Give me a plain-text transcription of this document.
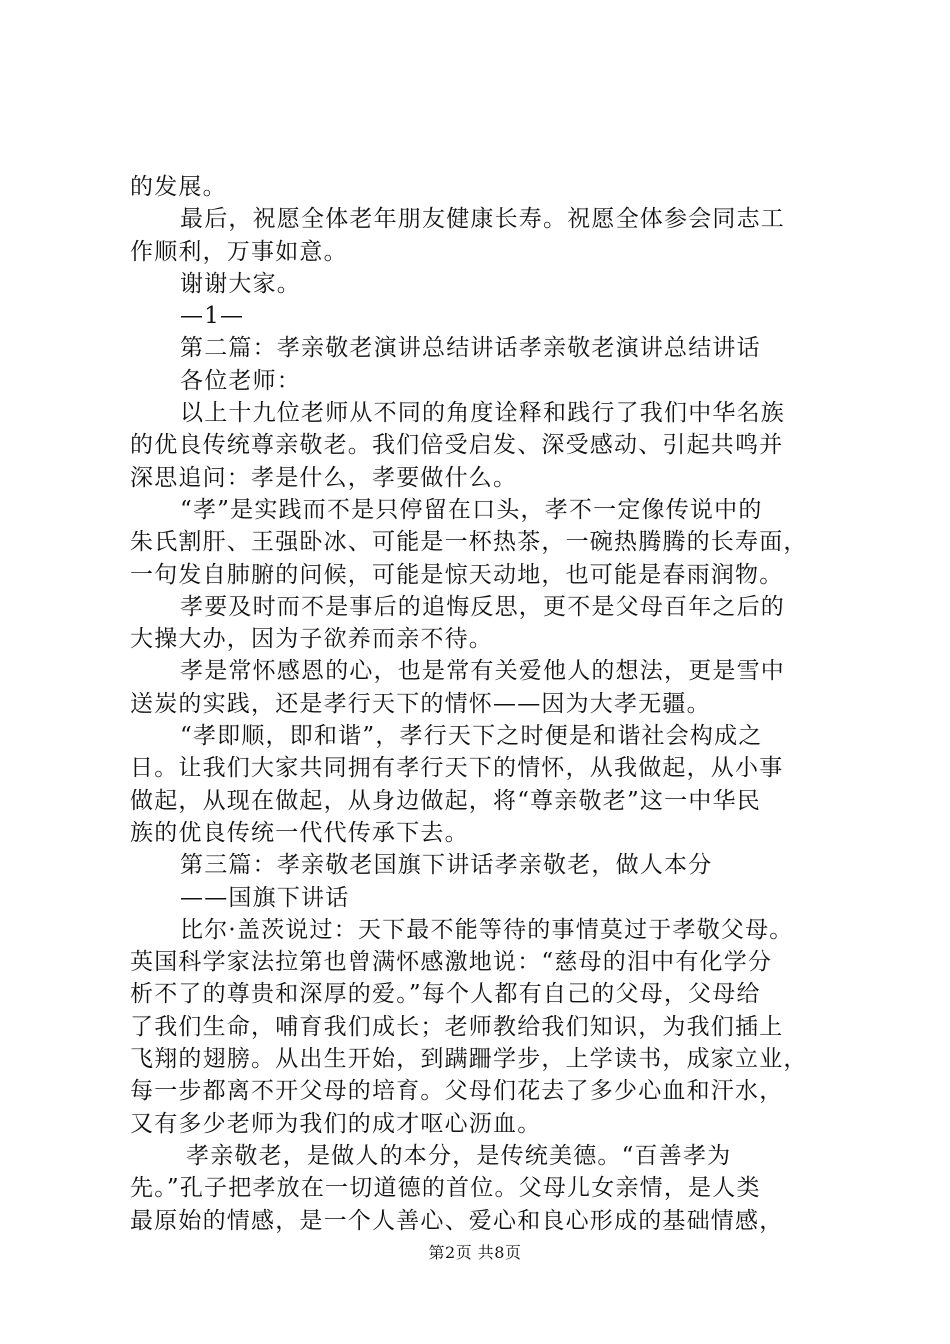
的发展。
最后，祝愿全体老年朋友健康长寿。祝愿全体参会同志工
作顺利，万事如意。
谢谢大家。
—1—
第二篇：孝亲敬老演讲总结讲话孝亲敬老演讲总结讲话
各位老师：
以上十九位老师从不同的角度诠释和践行了我们中华名族
的优良传统尊亲敬老。我们倍受启发、深受感动、引起共鸣并
深思追问：孝是什么，孝要做什么。
“孝”是实践而不是只停留在口头，孝不一定像传说中的
朱氏割肝、王强卧冰、可能是一杯热茶，一碗热腾腾的长寿面，
一句发自肺腑的问候，可能是惊天动地，也可能是春雨润物。
孝要及时而不是事后的追悔反思，更不是父母百年之后的
大操大办，因为子欲养而亲不待。
孝是常怀感恩的心，也是常有关爱他人的想法，更是雪中
送炭的实践，还是孝行天下的情怀——因为大孝无疆。
“孝即顺，即和谐”，孝行天下之时便是和谐社会构成之
日。让我们大家共同拥有孝行天下的情怀，从我做起，从小事
做起，从现在做起，从身边做起，将“尊亲敬老”这一中华民
族的优良传统一代代传承下去。
第三篇：孝亲敬老国旗下讲话孝亲敬老，做人本分
——国旗下讲话
比尔·盖茨说过：天下最不能等待的事情莫过于孝敬父母。
英国科学家法拉第也曾满怀感激地说：“慈母的泪中有化学分
析不了的尊贵和深厚的爱。”每个人都有自己的父母，父母给
了我们生命，哺育我们成长；老师教给我们知识，为我们插上
飞翔的翅膀。从出生开始，到蹒跚学步，上学读书，成家立业，
每一步都离不开父母的培育。父母们花去了多少心血和汗水，
又有多少老师为我们的成才呕心沥血。
孝亲敬老，是做人的本分，是传统美德。“百善孝为
先。”孔子把孝放在一切道德的首位。父母儿女亲情，是人类
最原始的情感，是一个人善心、爱心和良心形成的基础情感，
第2页 共8页
